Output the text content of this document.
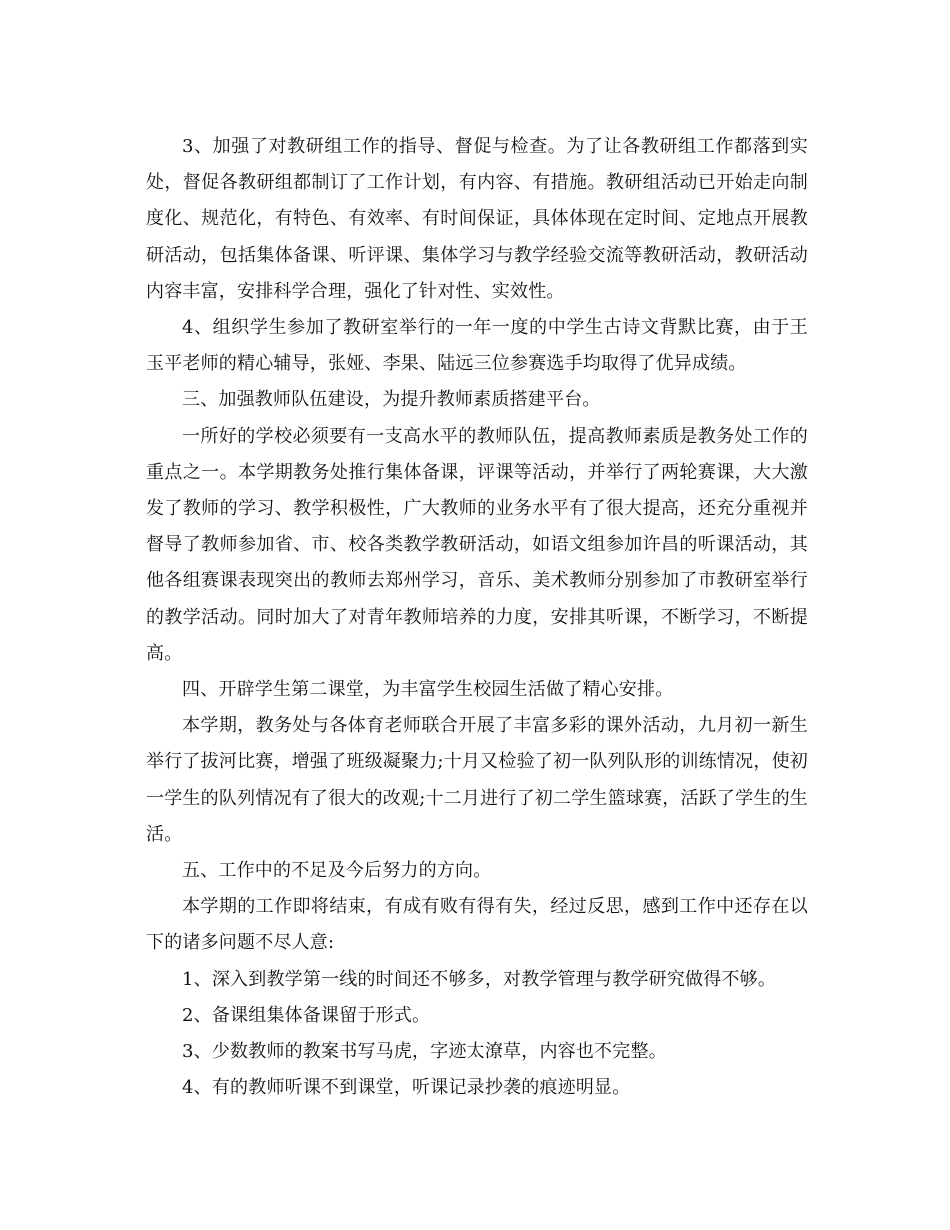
3、加强了对教研组工作的指导、督促与检查。为了让各教研组工作都落到实处，督促各教研组都制订了工作计划，有内容、有措施。教研组活动已开始走向制度化、规范化，有特色、有效率、有时间保证，具体体现在定时间、定地点开展教研活动，包括集体备课、听评课、集体学习与教学经验交流等教研活动，教研活动内容丰富，安排科学合理，强化了针对性、实效性。

4、组织学生参加了教研室举行的一年一度的中学生古诗文背默比赛，由于王玉平老师的精心辅导，张娅、李果、陆远三位参赛选手均取得了优异成绩。

三、加强教师队伍建设，为提升教师素质搭建平台。

一所好的学校必须要有一支高水平的教师队伍，提高教师素质是教务处工作的重点之一。本学期教务处推行集体备课，评课等活动，并举行了两轮赛课，大大激发了教师的学习、教学积极性，广大教师的业务水平有了很大提高，还充分重视并督导了教师参加省、市、校各类教学教研活动，如语文组参加许昌的听课活动，其他各组赛课表现突出的教师去郑州学习，音乐、美术教师分别参加了市教研室举行的教学活动。同时加大了对青年教师培养的力度，安排其听课，不断学习，不断提高。

四、开辟学生第二课堂，为丰富学生校园生活做了精心安排。

本学期，教务处与各体育老师联合开展了丰富多彩的课外活动，九月初一新生举行了拔河比赛，增强了班级凝聚力;十月又检验了初一队列队形的训练情况，使初一学生的队列情况有了很大的改观;十二月进行了初二学生篮球赛，活跃了学生的生活。

五、工作中的不足及今后努力的方向。

本学期的工作即将结束，有成有败有得有失，经过反思，感到工作中还存在以下的诸多问题不尽人意:

1、深入到教学第一线的时间还不够多，对教学管理与教学研究做得不够。

2、备课组集体备课留于形式。

3、少数教师的教案书写马虎，字迹太潦草，内容也不完整。

4、有的教师听课不到课堂，听课记录抄袭的痕迹明显。
